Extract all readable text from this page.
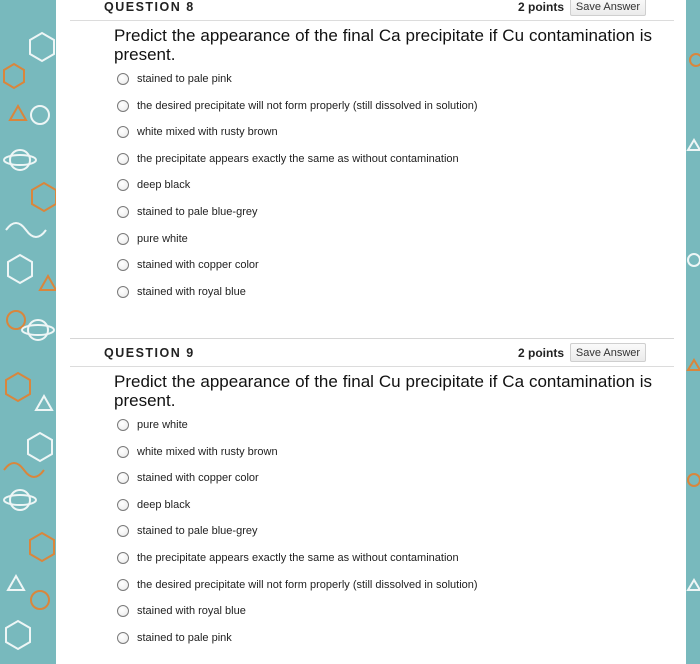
QUESTION 8	2 points	Save Answer
Predict the appearance of the final Ca precipitate if Cu contamination is present.
stained to pale pink
the desired precipitate will not form properly (still dissolved in solution)
white mixed with rusty brown
the precipitate appears exactly the same as without contamination
deep black
stained to pale blue-grey
pure white
stained with copper color
stained with royal blue
QUESTION 9	2 points	Save Answer
Predict the appearance of the final Cu precipitate if Ca contamination is present.
pure white
white mixed with rusty brown
stained with copper color
deep black
stained to pale blue-grey
the precipitate appears exactly the same as without contamination
the desired precipitate will not form properly (still dissolved in solution)
stained with royal blue
stained to pale pink
